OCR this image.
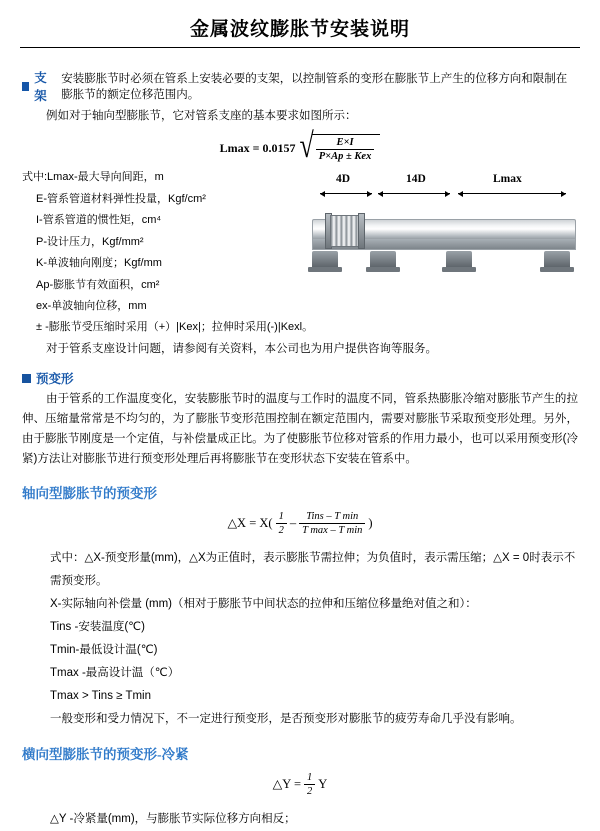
金属波纹膨胀节安装说明
支架
安装膨胀节时必须在管系上安装必要的支架，以控制管系的变形在膨胀节上产生的位移方向和限制在膨胀节的额定位移范围内。

例如对于轴向型膨胀节，它对管系支座的基本要求如图所示：

Lmax = 0.0157 √ $\frac{E\times I}{\text{P×Ap ± Kex}}$
式中:Lmax-最大导向间距，m
E-管系管道材料弹性投量，Kgf/cm²
I-管系管道的惯性矩，cm⁴
P-设计压力，Kgf/mm²
K-单波轴向刚度；Kgf/mm
Ap-膨胀节有效面积，cm²
ex-单波轴向位移，mm
± -膨胀节受压缩时采用（+）|Kex|；拉伸时采用(-)|Kexl。
4D	14D	Lmax

对于管系支座设计问题，请参阅有关资料，本公司也为用户提供咨询等服务。

预变形

由于管系的工作温度变化，安装膨胀节时的温度与工作时的温度不同，管系热膨胀冷缩对膨胀节产生的拉伸、压缩量常常是不均匀的，为了膨胀节变形范围控制在额定范围内，需要对膨胀节采取预变形处理。另外，由于膨胀节刚度是一个定值，与补偿量成正比。为了使膨胀节位移对管系的作用力最小，也可以采用预变形(冷紧)方法让对膨胀节进行预变形处理后再将膨胀节在变形状态下安装在管系中。

轴向型膨胀节的预变形
△X = $X( \frac{1}{2} - \frac{\text{Tins – T min}}{\text{T max – T min}}$ )
式中：△X-预变形量(mm)，△X为正值时，表示膨胀节需拉伸；为负值时，表示需压缩；△X = 0时表示不需预变形。
X-实际轴向补偿量 (mm)（相对于膨胀节中间状态的拉伸和压缩位移量绝对值之和）：
Tins -安装温度(℃)
Tmin-最低设计温(℃)
Tmax -最高设计温（℃）
Tmax > Tins ≥ Tmin
一般变形和受力情况下，不一定进行预变形，是否预变形对膨胀节的疲劳寿命几乎没有影响。
横向型膨胀节的预变形-冷紧
△Y = $\frac{1}{2}$ Y
△Y -冷紧量(mm)，与膨胀节实际位移方向相反；
